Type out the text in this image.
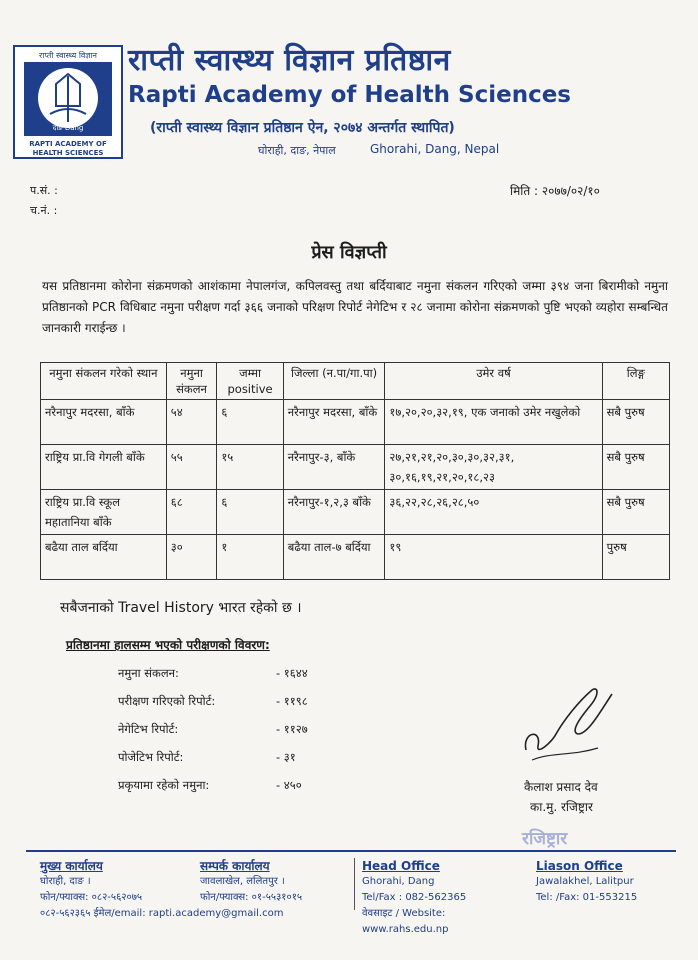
राप्ती स्वास्थ्य विज्ञान
दाङ Dang
RAPTI ACADEMY OF
HEALTH SCIENCES
राप्ती स्वास्थ्य विज्ञान प्रतिष्ठान
Rapti Academy of Health Sciences
(राप्ती स्वास्थ्य विज्ञान प्रतिष्ठान ऐन, २०७४ अन्तर्गत स्थापित)
घोराही, दाङ, नेपाल	Ghorahi, Dang, Nepal
प.सं. :
च.नं. :
मिति : २०७७/०२/१०
प्रेस विज्ञप्ती
यस प्रतिष्ठानमा कोरोना संक्रमणको आशंकामा नेपालगंज, कपिलवस्तु तथा बर्दियाबाट नमुना संकलन गरिएको जम्मा ३९४ जना बिरामीको नमुना प्रतिष्ठानको PCR विधिबाट नमुना परीक्षण गर्दा ३६६ जनाको परिक्षण रिपोर्ट नेगेटिभ र २८ जनामा कोरोना संक्रमणको पुष्टि भएको व्यहोरा सम्बन्धित जानकारी गराईन्छ ।
नमुना संकलन गरेको स्थान	नमुना संकलन	जम्मा positive	जिल्ला (न.पा/गा.पा)	उमेर वर्ष	लिङ्ग
नरैनापुर मदरसा, बाँके	५४	६	नरैनापुर मदरसा, बाँके	१७,२०,२०,३२,१९, एक जनाको उमेर नखुलेको	सबै पुरुष
राष्ट्रिय प्रा.वि गेगली बाँके	५५	१५	नरैनापुर-३, बाँके	२७,२१,२१,२०,३०,३०,३२,३१, ३०,१६,१९,२१,२०,१८,२३	सबै पुरुष
राष्ट्रिय प्रा.वि स्कूल महातानिया बाँके	६८	६	नरैनापुर-१,२,३ बाँके	३६,२२,२८,२६,२८,५०	सबै पुरुष
बढैया ताल बर्दिया	३०	१	बढैया ताल-७ बर्दिया	१९	पुरुष
सबैजनाको Travel History भारत रहेको छ ।
प्रतिष्ठानमा हालसम्म भएको परीक्षणको विवरण:
नमुना संकलन:	- १६४४
परीक्षण गरिएको रिपोर्ट:	- ११९८
नेगेटिभ रिपोर्ट:	- ११२७
पोजेटिभ रिपोर्ट:	- ३१
प्रकृयामा रहेको नमुना:	- ४५०	कैलाश प्रसाद देव
का.मु. रजिष्ट्रार
रजिष्ट्रार
मुख्य कार्यालय
घोराही, दाङ ।
फोन/फ्याक्स: ०८२-५६२०७५
०८२-५६२३६५ ईमेल/email: rapti.academy@gmail.com
सम्पर्क कार्यालय
जावलाखेल, ललितपुर ।
फोन/फ्याक्स: ०१-५५३१०१५
Head Office
Ghorahi, Dang
Tel/Fax : 082-562365
वेवसाइट / Website: www.rahs.edu.np
Liason Office
Jawalakhel, Lalitpur
Tel: /Fax: 01-553215
